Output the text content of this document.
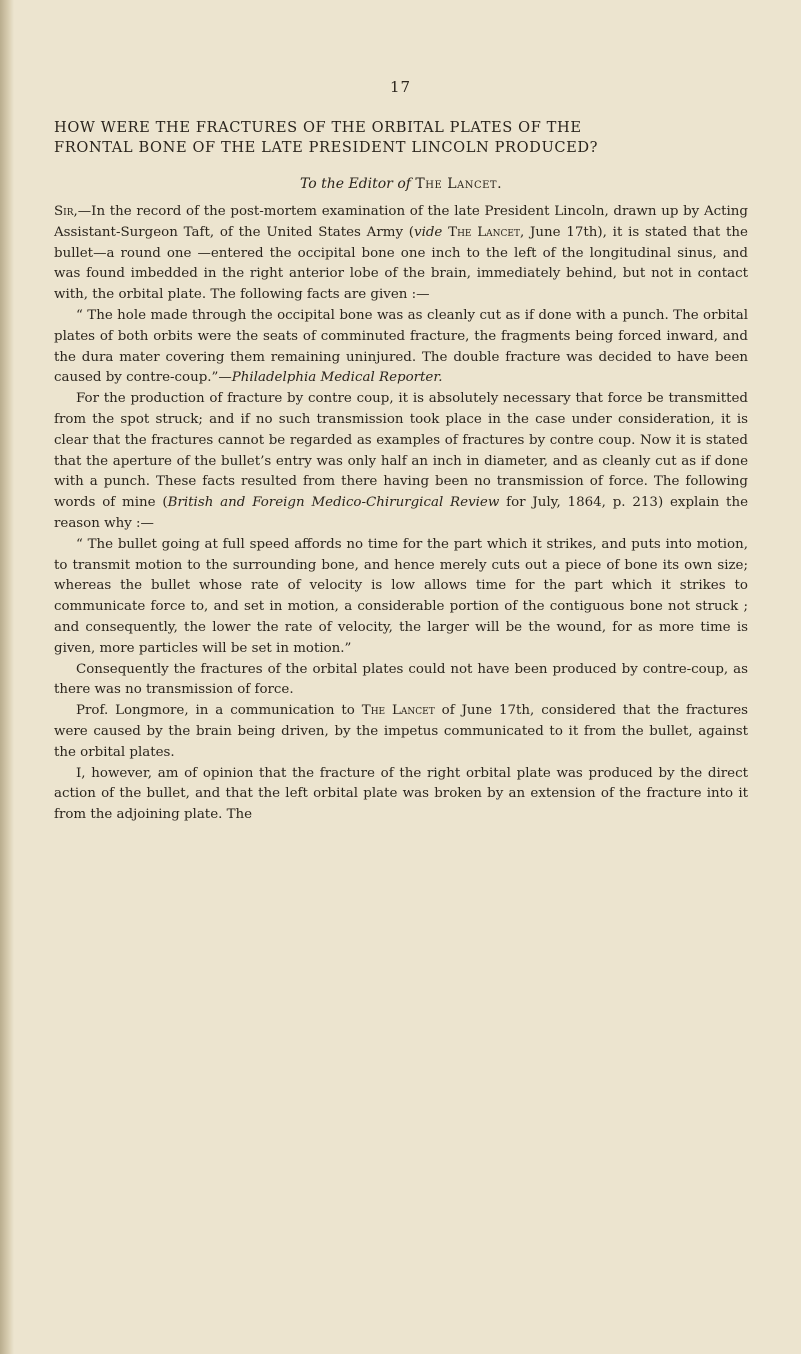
17
HOW WERE THE FRACTURES OF THE ORBITAL PLATES OF THE
FRONTAL BONE OF THE LATE PRESIDENT LINCOLN PRODUCED?
To the Editor of The Lancet.

Sir,—In the record of the post-mortem examination of the late President Lincoln, drawn up by Acting Assistant-Surgeon Taft, of the United States Army (vide The Lancet, June 17th), it is stated that the bullet—a round one —entered the occipital bone one inch to the left of the longitudinal sinus, and was found imbedded in the right anterior lobe of the brain, immediately behind, but not in contact with, the orbital plate. The following facts are given :—

“ The hole made through the occipital bone was as cleanly cut as if done with a punch. The orbital plates of both orbits were the seats of comminuted fracture, the fragments being forced inward, and the dura mater covering them remaining uninjured. The double fracture was decided to have been caused by contre-coup.”—Philadelphia Medical Reporter.

For the production of fracture by contre coup, it is absolutely necessary that force be transmitted from the spot struck; and if no such transmission took place in the case under consideration, it is clear that the fractures cannot be regarded as examples of fractures by contre coup. Now it is stated that the aperture of the bullet’s entry was only half an inch in diameter, and as cleanly cut as if done with a punch. These facts resulted from there having been no transmission of force. The following words of mine (British and Foreign Medico-Chirurgical Review for July, 1864, p. 213) explain the reason why :—

“ The bullet going at full speed affords no time for the part which it strikes, and puts into motion, to transmit motion to the surrounding bone, and hence merely cuts out a piece of bone its own size; whereas the bullet whose rate of velocity is low allows time for the part which it strikes to communicate force to, and set in motion, a considerable portion of the contiguous bone not struck ; and consequently, the lower the rate of velocity, the larger will be the wound, for as more time is given, more particles will be set in motion.”

Consequently the fractures of the orbital plates could not have been produced by contre-coup, as there was no transmission of force.

Prof. Longmore, in a communication to The Lancet of June 17th, considered that the fractures were caused by the brain being driven, by the impetus communicated to it from the bullet, against the orbital plates.

I, however, am of opinion that the fracture of the right orbital plate was produced by the direct action of the bullet, and that the left orbital plate was broken by an extension of the fracture into it from the adjoining plate. The
